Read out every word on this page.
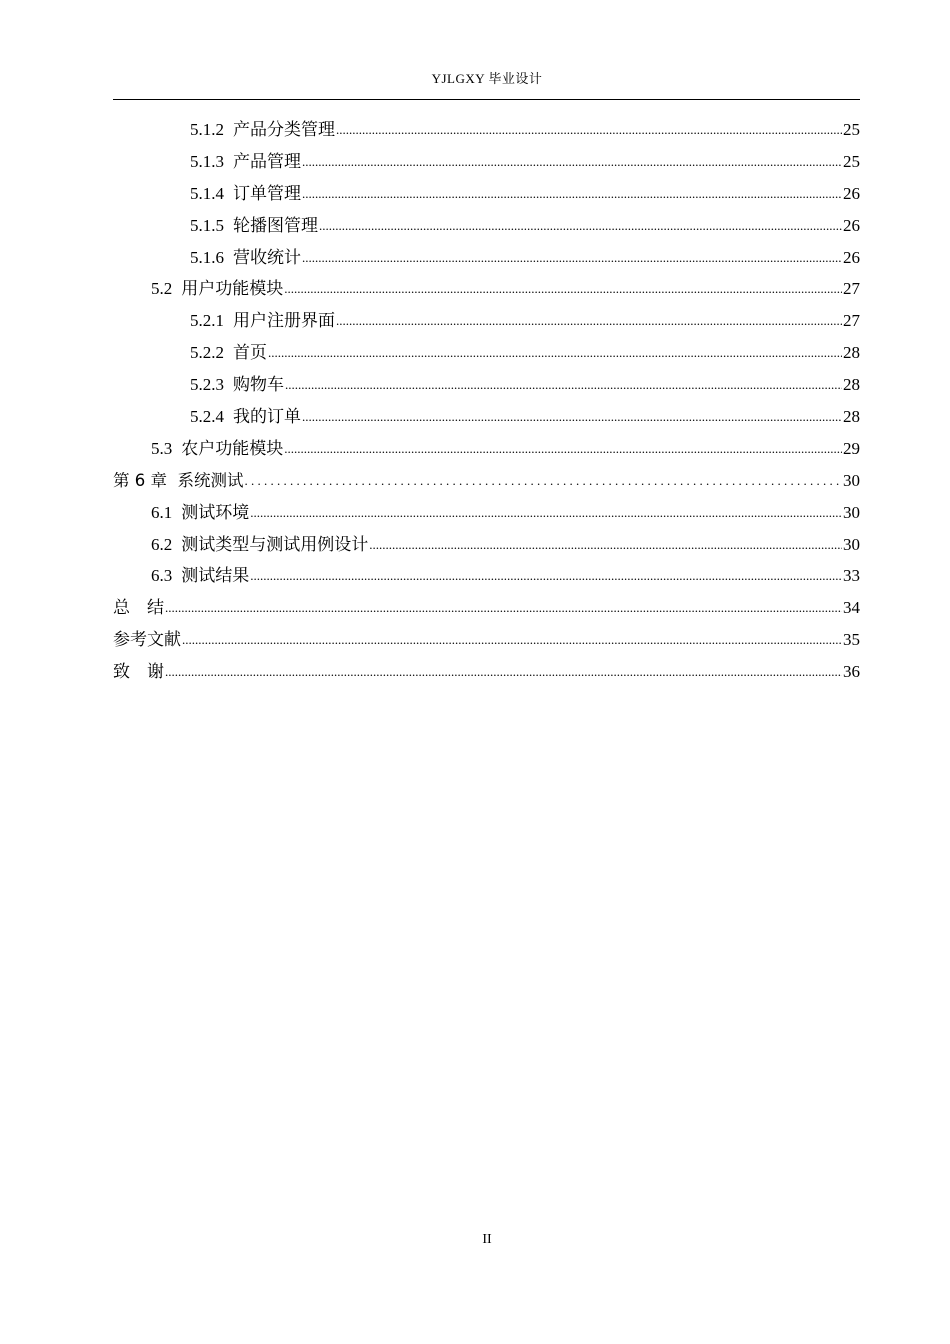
YJLGXY 毕业设计
5.1.2 产品分类管理 .....	25
5.1.3 产品管理 .....	25
5.1.4 订单管理 .....	26
5.1.5 轮播图管理 .....	26
5.1.6 营收统计 .....	26
5.2 用户功能模块 .....	27
5.2.1 用户注册界面 .....	27
5.2.2 首页 .....	28
5.2.3 购物车 .....	28
5.2.4 我的订单 .....	28
5.3 农户功能模块 .....	29
第 6 章  系统测试 . . .	30
6.1 测试环境 .....	30
6.2 测试类型与测试用例设计 .....	30
6.3 测试结果 .....	33
总    结 .....	34
参考文献 .....	35
致    谢 .....	36
II
